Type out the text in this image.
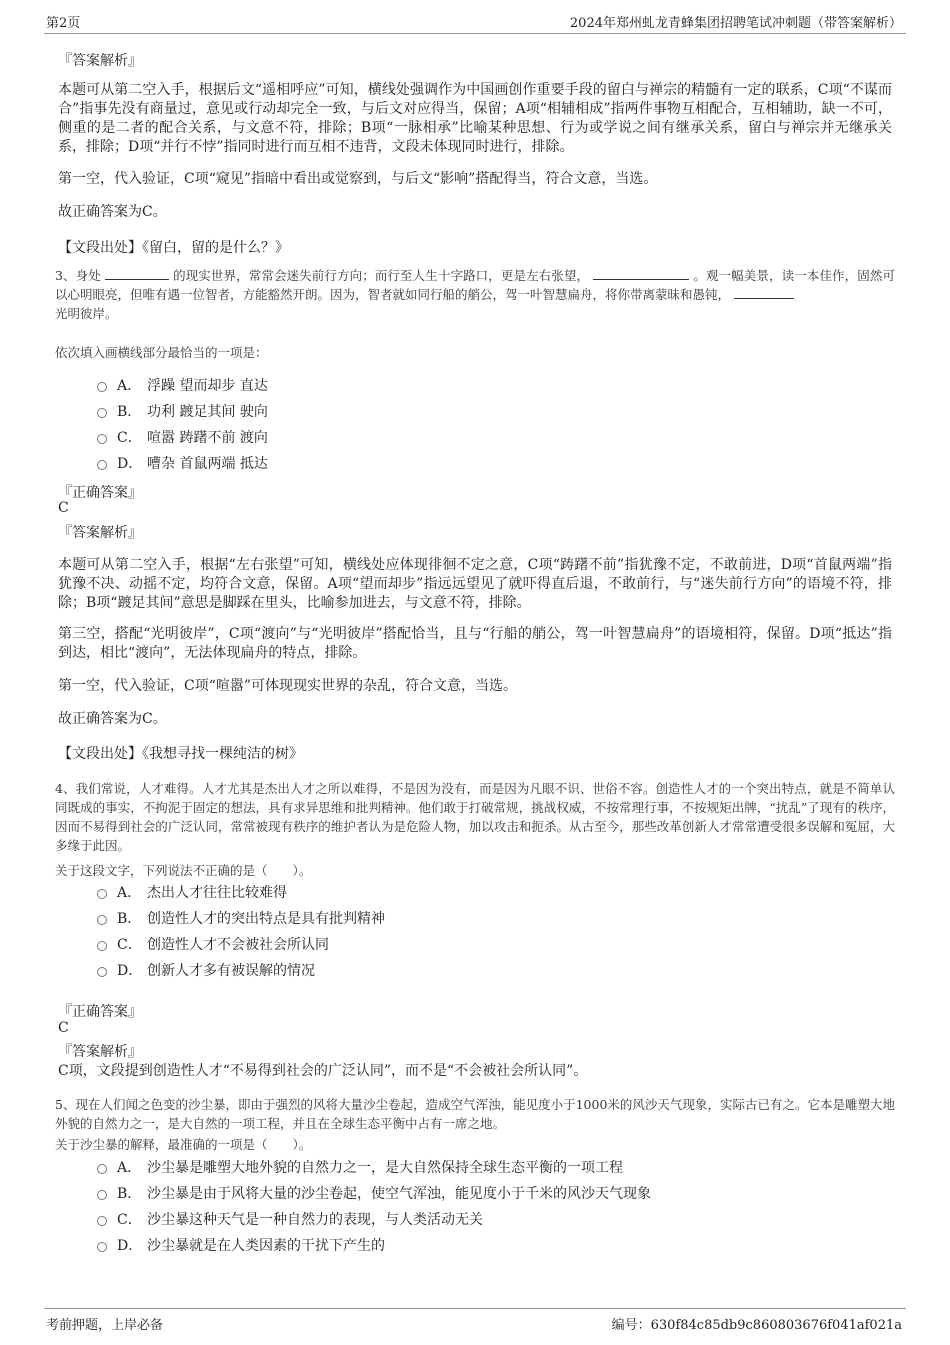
第2页	2024年郑州虬龙青蜂集团招聘笔试冲刺题（带答案解析）
『答案解析』

本题可从第二空入手，根据后文“遥相呼应”可知，横线处强调作为中国画创作重要手段的留白与禅宗的精髓有一定的联系，C项“不谋而合”指事先没有商量过，意见或行动却完全一致，与后文对应得当，保留；A项“相辅相成”指两件事物互相配合，互相辅助，缺一不可，侧重的是二者的配合关系，与文意不符，排除；B项“一脉相承”比喻某种思想、行为或学说之间有继承关系，留白与禅宗并无继承关系，排除；D项“并行不悖”指同时进行而互相不违背，文段未体现同时进行，排除。

第一空，代入验证，C项“窥见”指暗中看出或觉察到，与后文“影响”搭配得当，符合文意，当选。

故正确答案为C。

【文段出处】《留白，留的是什么？》
3、身处	的现实世界，常常会迷失前行方向；而行至人生十字路口，更是左右张望，	。观一幅美景，读一本佳作，固然可以心明眼亮，但唯有遇一位智者，方能豁然开朗。因为，智者就如同行船的艄公，驾一叶智慧扁舟，将你带离蒙昧和愚钝，
光明彼岸。
依次填入画横线部分最恰当的一项是：
A． 浮躁 望而却步 直达
B． 功利 踱足其间 驶向
C． 喧嚣 踌躇不前 渡向
D． 嘈杂 首鼠两端 抵达
『正确答案』
C
『答案解析』

本题可从第二空入手，根据“左右张望”可知，横线处应体现徘徊不定之意，C项“踌躇不前”指犹豫不定，不敢前进，D项“首鼠两端”指犹豫不决、动摇不定，均符合文意，保留。A项“望而却步”指远远望见了就吓得直后退，不敢前行，与“迷失前行方向”的语境不符，排除；B项“踱足其间”意思是脚踩在里头，比喻参加进去，与文意不符，排除。

第三空，搭配“光明彼岸”，C项“渡向”与“光明彼岸”搭配恰当，且与“行船的艄公，驾一叶智慧扁舟”的语境相符，保留。D项“抵达”指到达，相比“渡向”，无法体现扁舟的特点，排除。

第一空，代入验证，C项“喧嚣”可体现现实世界的杂乱，符合文意，当选。

故正确答案为C。

【文段出处】《我想寻找一棵纯洁的树》

4、我们常说，人才难得。人才尤其是杰出人才之所以难得，不是因为没有，而是因为凡眼不识、世俗不容。创造性人才的一个突出特点，就是不简单认同既成的事实，不拘泥于固定的想法，具有求异思维和批判精神。他们敢于打破常规，挑战权威，不按常理行事，不按规矩出牌，“扰乱”了现有的秩序，因而不易得到社会的广泛认同，常常被现有秩序的维护者认为是危险人物，加以攻击和扼杀。从古至今，那些改革创新人才常常遭受很多误解和冤屈，大多缘于此因。

关于这段文字，下列说法不正确的是（　　）。
A． 杰出人才往往比较难得
B． 创造性人才的突出特点是具有批判精神
C． 创造性人才不会被社会所认同
D． 创新人才多有被误解的情况
『正确答案』
C
『答案解析』
C项，文段提到创造性人才“不易得到社会的广泛认同”，而不是“不会被社会所认同”。

5、现在人们闻之色变的沙尘暴，即由于强烈的风将大量沙尘卷起，造成空气浑浊，能见度小于1000米的风沙天气现象，实际古已有之。它本是雕塑大地外貌的自然力之一，是大自然的一项工程，并且在全球生态平衡中占有一席之地。

关于沙尘暴的解释，最准确的一项是（　　）。
A． 沙尘暴是雕塑大地外貌的自然力之一，是大自然保持全球生态平衡的一项工程
B． 沙尘暴是由于风将大量的沙尘卷起，使空气浑浊，能见度小于千米的风沙天气现象
C． 沙尘暴这种天气是一种自然力的表现，与人类活动无关
D． 沙尘暴就是在人类因素的干扰下产生的
考前押题，上岸必备	编号：630f84c85db9c860803676f041af021a
